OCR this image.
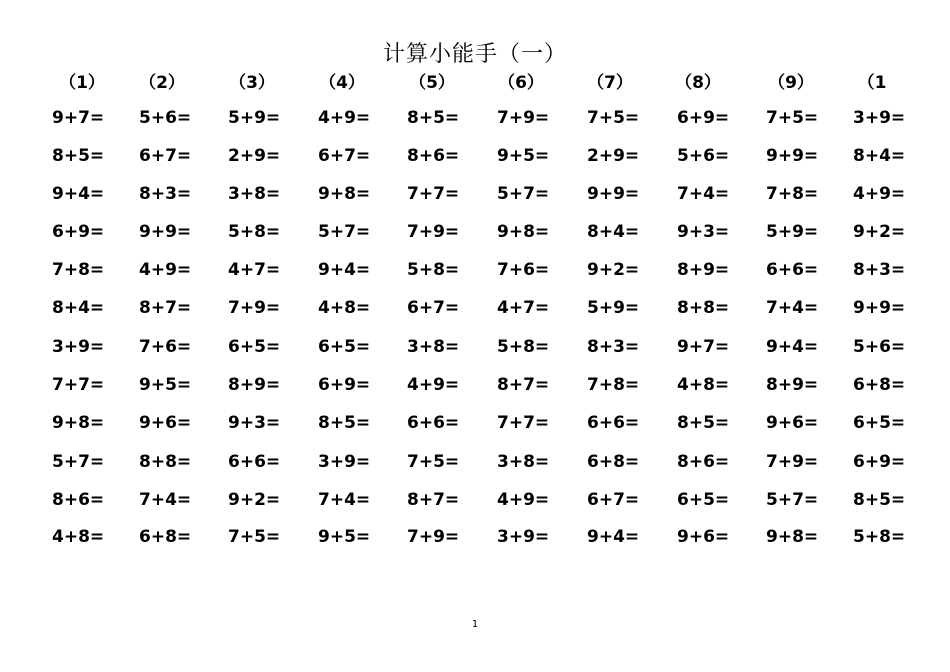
计算小能手（一）
（1）	（2）	（3）	（4）	（5）	（6）	（7）	（8）	（9）	（1
9+7=	5+6=	5+9=	4+9=	8+5=	7+9=	7+5=	6+9=	7+5=	3+9=
8+5=	6+7=	2+9=	6+7=	8+6=	9+5=	2+9=	5+6=	9+9=	8+4=
9+4=	8+3=	3+8=	9+8=	7+7=	5+7=	9+9=	7+4=	7+8=	4+9=
6+9=	9+9=	5+8=	5+7=	7+9=	9+8=	8+4=	9+3=	5+9=	9+2=
7+8=	4+9=	4+7=	9+4=	5+8=	7+6=	9+2=	8+9=	6+6=	8+3=
8+4=	8+7=	7+9=	4+8=	6+7=	4+7=	5+9=	8+8=	7+4=	9+9=
3+9=	7+6=	6+5=	6+5=	3+8=	5+8=	8+3=	9+7=	9+4=	5+6=
7+7=	9+5=	8+9=	6+9=	4+9=	8+7=	7+8=	4+8=	8+9=	6+8=
9+8=	9+6=	9+3=	8+5=	6+6=	7+7=	6+6=	8+5=	9+6=	6+5=
5+7=	8+8=	6+6=	3+9=	7+5=	3+8=	6+8=	8+6=	7+9=	6+9=
8+6=	7+4=	9+2=	7+4=	8+7=	4+9=	6+7=	6+5=	5+7=	8+5=
4+8=	6+8=	7+5=	9+5=	7+9=	3+9=	9+4=	9+6=	9+8=	5+8=
1
